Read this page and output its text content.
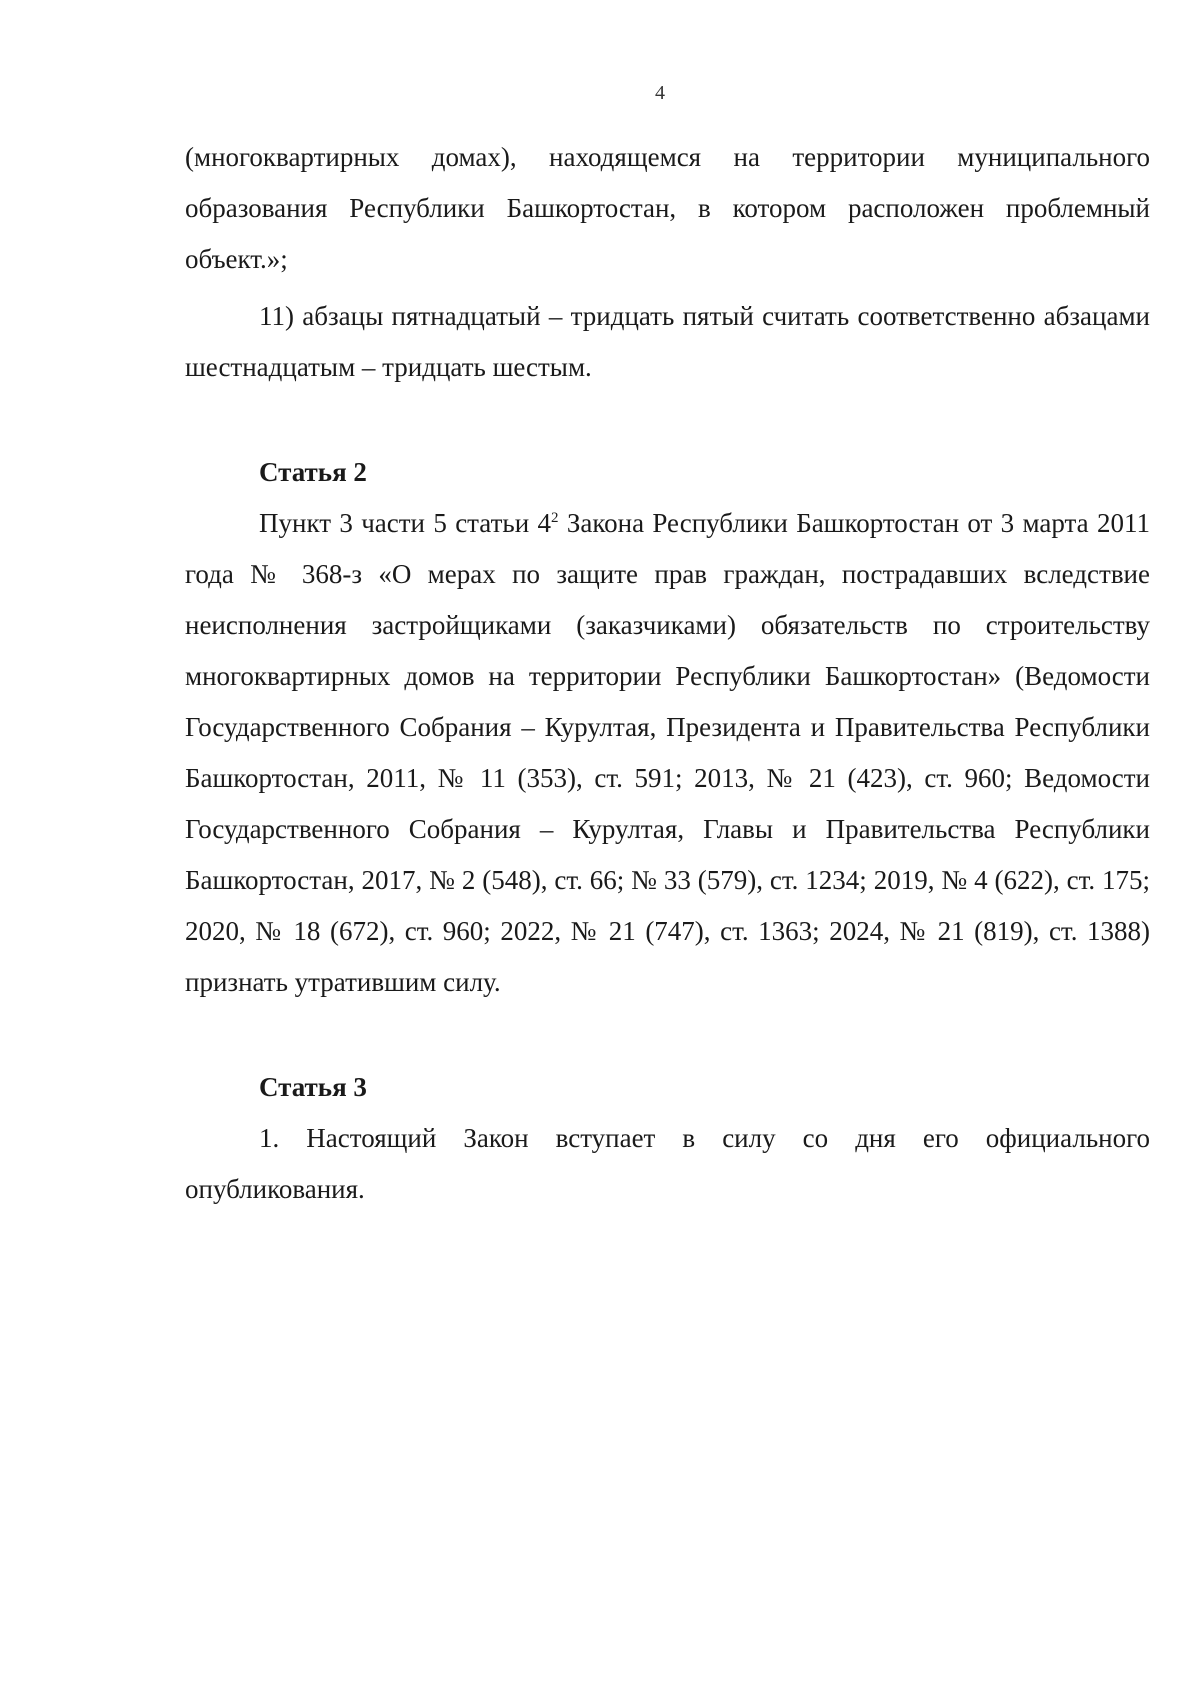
4

(многоквартирных домах), находящемся на территории муниципального образования Республики Башкортостан, в котором расположен проблемный объект.»;

11) абзацы пятнадцатый – тридцать пятый считать соответственно абзацами шестнадцатым – тридцать шестым.

Статья 2

Пункт 3 части 5 статьи $4^2$ Закона Республики Башкортостан от 3 марта 2011 года № 368-з «О мерах по защите прав граждан, пострадавших вследствие неисполнения застройщиками (заказчиками) обязательств по строительству многоквартирных домов на территории Республики Башкортостан» (Ведомости Государственного Собрания – Курултая, Президента и Правительства Республики Башкортостан, 2011, № 11 (353), ст. 591; 2013, № 21 (423), ст. 960; Ведомости Государственного Собрания – Курултая, Главы и Правительства Республики Башкортостан, 2017, № 2 (548), ст. 66; № 33 (579), ст. 1234; 2019, № 4 (622), ст. 175; 2020, № 18 (672), ст. 960; 2022, № 21 (747), ст. 1363; 2024, № 21 (819), ст. 1388) признать утратившим силу.

Статья 3

1. Настоящий Закон вступает в силу со дня его официального опубликования.
